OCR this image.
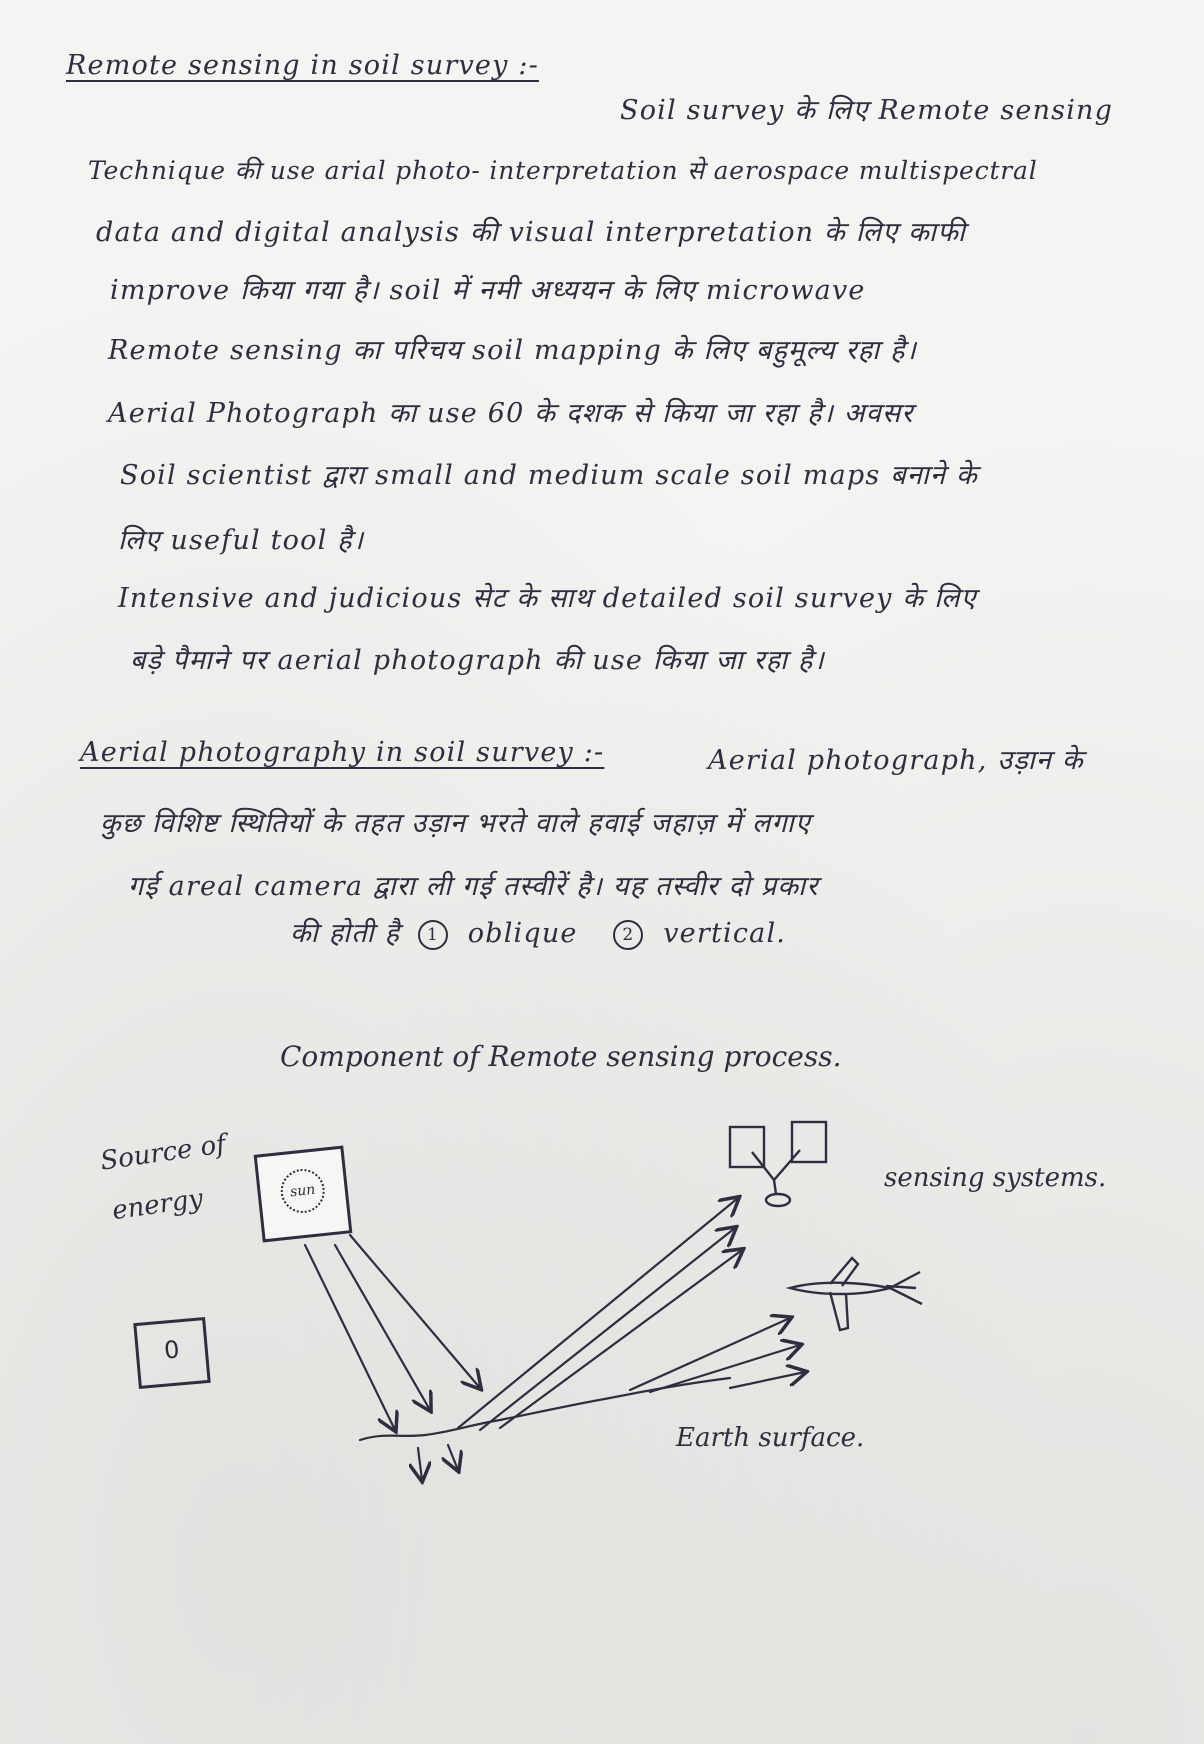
Remote sensing in soil survey :-
Soil survey के लिए Remote sensing
Technique की use arial photo- interpretation से aerospace multispectral
data and digital analysis की visual interpretation के लिए काफी
improve किया गया है। soil में नमी अध्ययन के लिए microwave
Remote sensing का परिचय soil mapping के लिए बहुमूल्य रहा है।
Aerial Photograph का use 60 के दशक से किया जा रहा है। अवसर
Soil scientist द्वारा small and medium scale soil maps बनाने के
लिए useful tool है।
Intensive and judicious सेट के साथ detailed soil survey के लिए
बड़े पैमाने पर aerial photograph की use किया जा रहा है।
Aerial photography in soil survey :-	Aerial photograph, उड़ान के
कुछ विशिष्ट स्थितियों के तहत उड़ान भरते वाले हवाई जहाज़ में लगाए
गई areal camera द्वारा ली गई तस्वीरें है। यह तस्वीर दो प्रकार
की होती है 1 oblique	2 vertical.
Component of Remote sensing process.
Source of
energy
sensing systems.
Earth surface.
sun
0
